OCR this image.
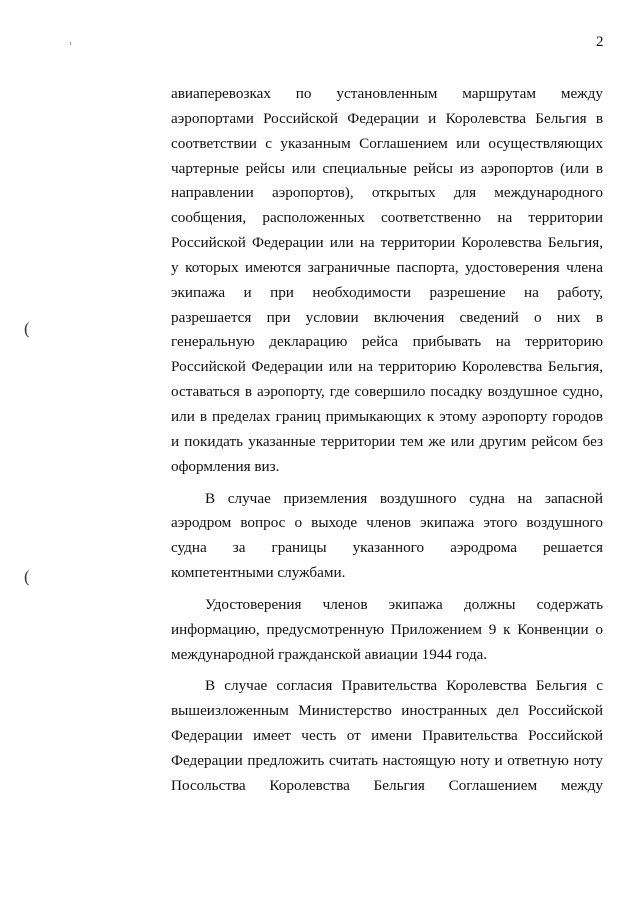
2
(
(
авиаперевозках по установленным маршрутам между
аэропортами Российской Федерации и Королевства Бельгия в
соответствии с указанным Соглашением или осуществляющих
чартерные рейсы или специальные рейсы из аэропортов (или в
направлении аэропортов), открытых для международного
сообщения, расположенных соответственно на территории
Российской Федерации или на территории Королевства Бельгия,
у которых имеются заграничные паспорта, удостоверения члена
экипажа и при необходимости разрешение на работу,
разрешается при условии включения сведений о них в
генеральную декларацию рейса прибывать на территорию
Российской Федерации или на территорию Королевства Бельгия,
оставаться в аэропорту, где совершило посадку воздушное судно,
или в пределах границ примыкающих к этому аэропорту городов
и покидать указанные территории тем же или другим рейсом без
оформления виз.
В случае приземления воздушного судна на запасной
аэродром вопрос о выходе членов экипажа этого воздушного
судна за границы указанного аэродрома решается
компетентными службами.
Удостоверения членов экипажа должны содержать
информацию, предусмотренную Приложением 9 к Конвенции о
международной гражданской авиации 1944 года.
В случае согласия Правительства Королевства Бельгия с
вышеизложенным Министерство иностранных дел Российской
Федерации имеет честь от имени Правительства Российской
Федерации предложить считать настоящую ноту и ответную ноту
Посольства Королевства Бельгия Соглашением между
